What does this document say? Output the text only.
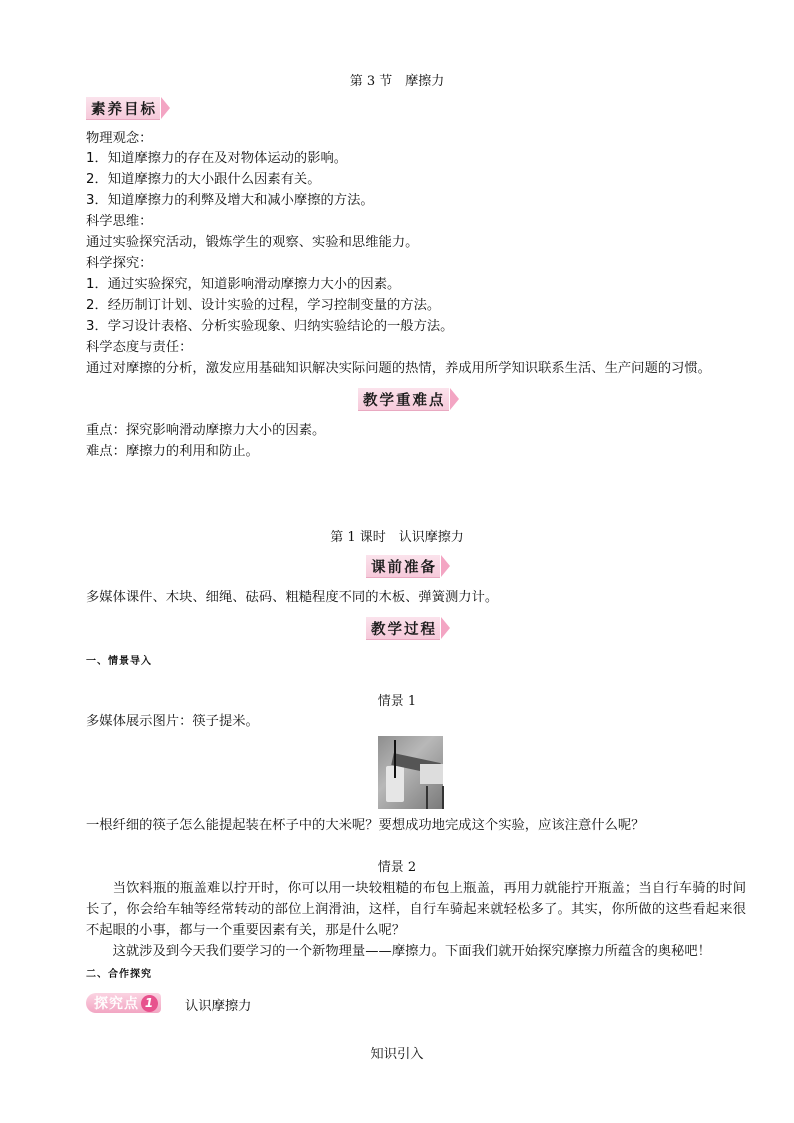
第 3 节　摩擦力
素养目标
物理观念：
1．知道摩擦力的存在及对物体运动的影响。
2．知道摩擦力的大小跟什么因素有关。
3．知道摩擦力的利弊及增大和减小摩擦的方法。
科学思维：
通过实验探究活动，锻炼学生的观察、实验和思维能力。
科学探究：
1．通过实验探究，知道影响滑动摩擦力大小的因素。
2．经历制订计划、设计实验的过程，学习控制变量的方法。
3．学习设计表格、分析实验现象、归纳实验结论的一般方法。
科学态度与责任：
通过对摩擦的分析，激发应用基础知识解决实际问题的热情，养成用所学知识联系生活、生产问题的习惯。
教学重难点
重点：探究影响滑动摩擦力大小的因素。
难点：摩擦力的利用和防止。
第 1 课时　认识摩擦力
课前准备
多媒体课件、木块、细绳、砝码、粗糙程度不同的木板、弹簧测力计。
教学过程
一、情景导入
情景 1
多媒体展示图片：筷子提米。
一根纤细的筷子怎么能提起装在杯子中的大米呢？要想成功地完成这个实验，应该注意什么呢？
情景 2
当饮料瓶的瓶盖难以拧开时，你可以用一块较粗糙的布包上瓶盖，再用力就能拧开瓶盖；当自行车骑的时间长了，你会给车轴等经常转动的部位上润滑油，这样，自行车骑起来就轻松多了。其实，你所做的这些看起来很不起眼的小事，都与一个重要因素有关，那是什么呢？
这就涉及到今天我们要学习的一个新物理量——摩擦力。下面我们就开始探究摩擦力所蕴含的奥秘吧！
二、合作探究
探究点 1 认识摩擦力
知识引入
